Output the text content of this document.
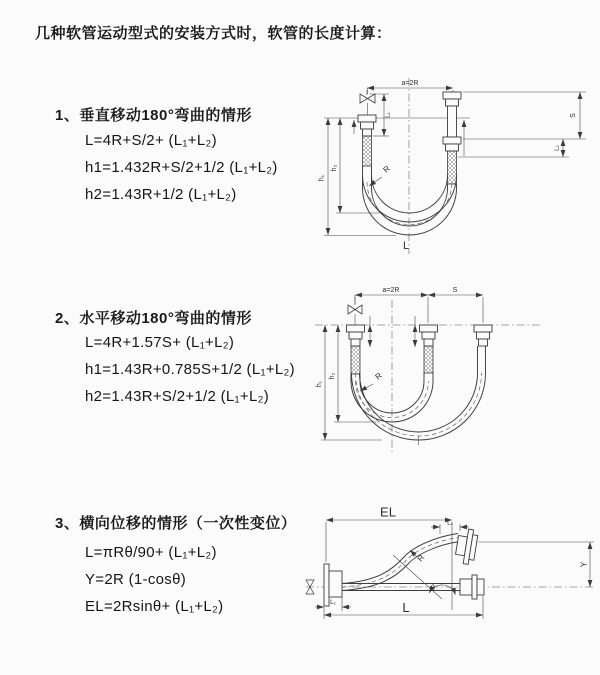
几种软管运动型式的安装方式时，软管的长度计算：
1、垂直移动180°弯曲的情形
L=4R+S/2+ (L₁+L₂)
h1=1.432R+S/2+1/2 (L₁+L₂)
h2=1.43R+1/2 (L₁+L₂)
2、水平移动180°弯曲的情形
L=4R+1.57S+ (L₁+L₂)
h1=1.43R+0.785S+1/2 (L₁+L₂)
h2=1.43R+S/2+1/2 (L₁+L₂)
3、横向位移的情形（一次性变位）
L=πRθ/90+ (L₁+L₂)
Y=2R (1-cosθ)
EL=2Rsinθ+ (L₁+L₂)
a=2R
h₁
h₂
L₁	S
L₂
R
L
a=2R	S
h₁
h₂	R
EL
L₁
Y
θ
R
L₁	L
